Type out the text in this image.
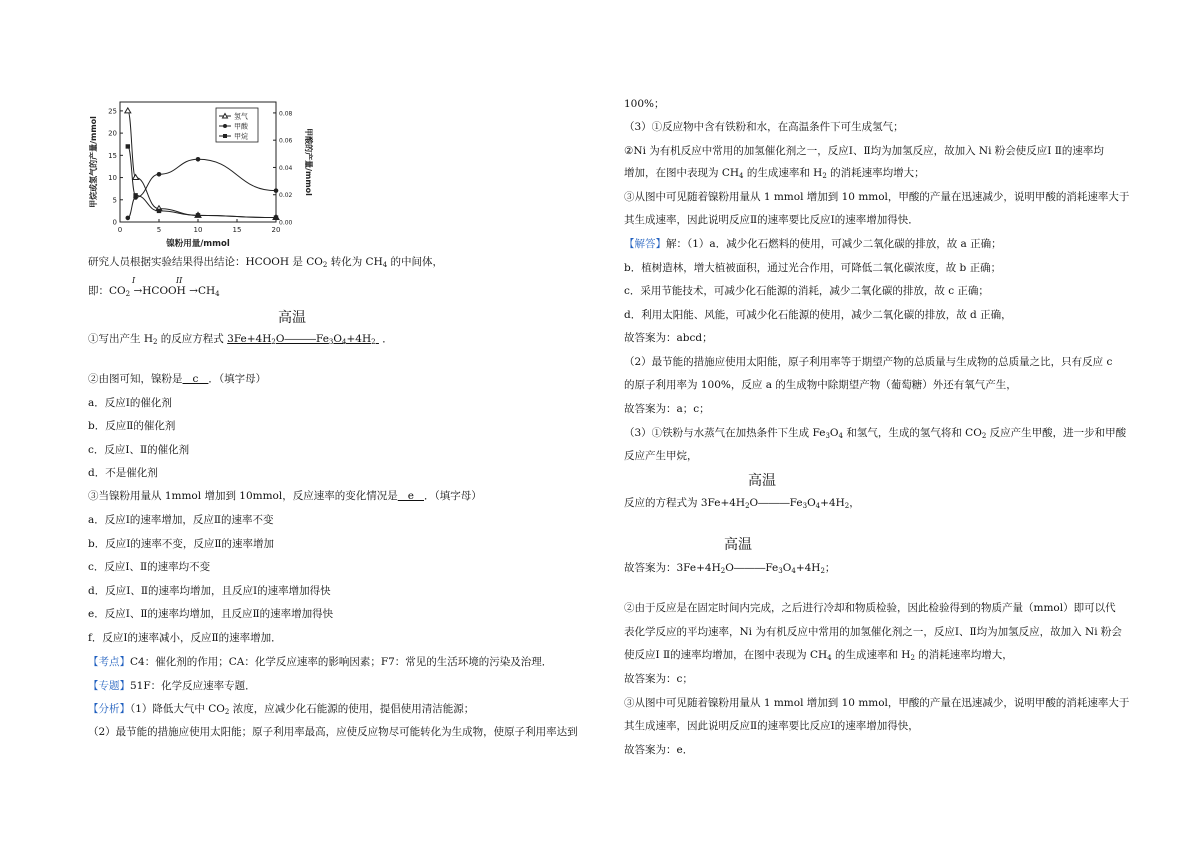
0	5	10	15	20
0
5
10
15
20
25
0.00
0.02
0.04
0.06
0.08
镍粉用量/mmol
甲烷或氢气的产量/mmol	甲酸的产量/mmol
氢气
甲酸
甲烷
研究人员根据实验结果得出结论：HCOOH 是 $CO_2$ 转化为 $CH_4$ 的中间体，
I	II
即：$CO_2$ →HCOOH $\to CH_4$
高温
①写出产生 $H_2$ 的反应方程式 $3Fe+4H_2O―――Fe_3O_4+4H_2$  ．
②由图可知，镍粉是   c   ．（填字母）
a．反应Ⅰ的催化剂
b．反应Ⅱ的催化剂
c．反应Ⅰ、Ⅱ的催化剂
d．不是催化剂
③当镍粉用量从 1mmol 增加到 10mmol，反应速率的变化情况是   e   ．（填字母）
a．反应Ⅰ的速率增加，反应Ⅱ的速率不变
b．反应Ⅰ的速率不变，反应Ⅱ的速率增加
c．反应Ⅰ、Ⅱ的速率均不变
d．反应Ⅰ、Ⅱ的速率均增加，且反应Ⅰ的速率增加得快
e．反应Ⅰ、Ⅱ的速率均增加，且反应Ⅱ的速率增加得快
f．反应Ⅰ的速率减小，反应Ⅱ的速率增加．
【考点】C4：催化剂的作用；CA：化学反应速率的影响因素；F7：常见的生活环境的污染及治理．
【专题】51F：化学反应速率专题．
【分析】（1）降低大气中 $CO_2$ 浓度，应减少化石能源的使用，提倡使用清洁能源；
（2）最节能的措施应使用太阳能；原子利用率最高，应使反应物尽可能转化为生成物，使原子利用率达到
100%；
（3）①反应物中含有铁粉和水，在高温条件下可生成氢气；
②Ni 为有机反应中常用的加氢催化剂之一，反应Ⅰ、Ⅱ均为加氢反应，故加入 Ni 粉会使反应Ⅰ Ⅱ的速率均
增加，在图中表现为 $CH_4$ 的生成速率和 $H_2$ 的消耗速率均增大；
③从图中可见随着镍粉用量从 1 mmol 增加到 10 mmol，甲酸的产量在迅速减少，说明甲酸的消耗速率大于
其生成速率，因此说明反应Ⅱ的速率要比反应Ⅰ的速率增加得快．
【解答】解：（1）a．减少化石燃料的使用，可减少二氧化碳的排放，故 a 正确；
b．植树造林，增大植被面积，通过光合作用，可降低二氧化碳浓度，故 b 正确；
c．采用节能技术，可减少化石能源的消耗，减少二氧化碳的排放，故 c 正确；
d．利用太阳能、风能，可减少化石能源的使用，减少二氧化碳的排放，故 d 正确，
故答案为：abcd；
（2）最节能的措施应使用太阳能，原子利用率等于期望产物的总质量与生成物的总质量之比，只有反应 c
的原子利用率为 100%，反应 a 的生成物中除期望产物（葡萄糖）外还有氧气产生，
故答案为：a；c；
（3）①铁粉与水蒸气在加热条件下生成 $Fe_3O_4$ 和氢气，生成的氢气将和 $CO_2$ 反应产生甲酸，进一步和甲酸
反应产生甲烷，
高温
反应的方程式为 $3Fe+4H_2O―――Fe_3O_4+4H_2$，
高温
故答案为：$3Fe+4H_2O―――Fe_3O_4+4H_2$；
②由于反应是在固定时间内完成，之后进行冷却和物质检验，因此检验得到的物质产量（mmol）即可以代
表化学反应的平均速率，Ni 为有机反应中常用的加氢催化剂之一，反应Ⅰ、Ⅱ均为加氢反应，故加入 Ni 粉会
使反应Ⅰ Ⅱ的速率均增加，在图中表现为 $CH_4$ 的生成速率和 $H_2$ 的消耗速率均增大，
故答案为：c；
③从图中可见随着镍粉用量从 1 mmol 增加到 10 mmol，甲酸的产量在迅速减少，说明甲酸的消耗速率大于
其生成速率，因此说明反应Ⅱ的速率要比反应Ⅰ的速率增加得快，
故答案为：e．
